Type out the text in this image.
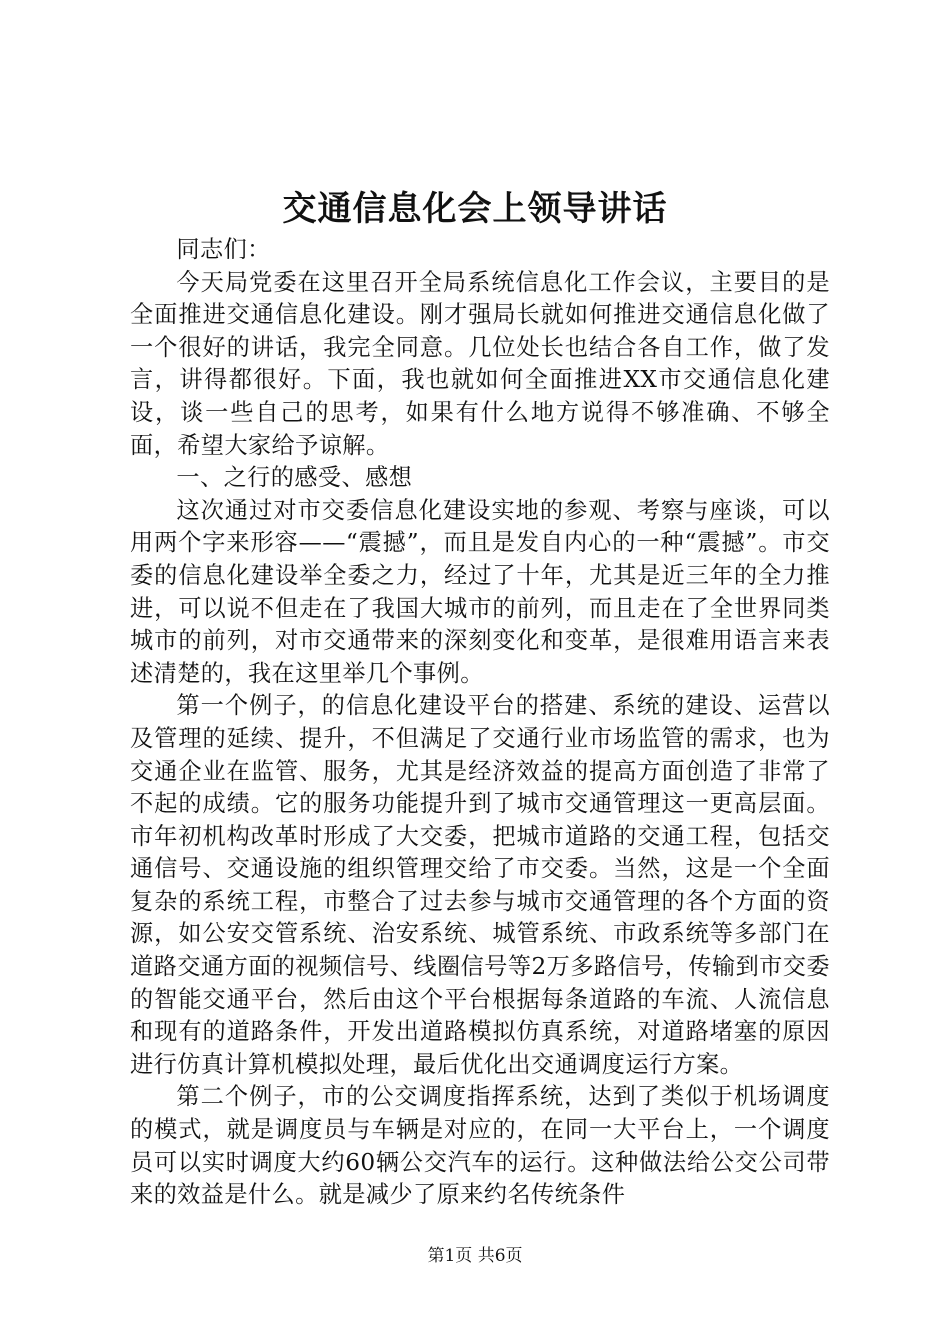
交通信息化会上领导讲话

同志们：

今天局党委在这里召开全局系统信息化工作会议，主要目的是全面推进交通信息化建设。刚才强局长就如何推进交通信息化做了一个很好的讲话，我完全同意。几位处长也结合各自工作，做了发言，讲得都很好。下面，我也就如何全面推进XX市交通信息化建设，谈一些自己的思考，如果有什么地方说得不够准确、不够全面，希望大家给予谅解。

一、之行的感受、感想

这次通过对市交委信息化建设实地的参观、考察与座谈，可以用两个字来形容——“震撼”，而且是发自内心的一种“震撼”。市交委的信息化建设举全委之力，经过了十年，尤其是近三年的全力推进，可以说不但走在了我国大城市的前列，而且走在了全世界同类城市的前列，对市交通带来的深刻变化和变革，是很难用语言来表述清楚的，我在这里举几个事例。

第一个例子，的信息化建设平台的搭建、系统的建设、运营以及管理的延续、提升，不但满足了交通行业市场监管的需求，也为交通企业在监管、服务，尤其是经济效益的提高方面创造了非常了不起的成绩。它的服务功能提升到了城市交通管理这一更高层面。市年初机构改革时形成了大交委，把城市道路的交通工程，包括交通信号、交通设施的组织管理交给了市交委。当然，这是一个全面复杂的系统工程，市整合了过去参与城市交通管理的各个方面的资源，如公安交管系统、治安系统、城管系统、市政系统等多部门在道路交通方面的视频信号、线圈信号等2万多路信号，传输到市交委的智能交通平台，然后由这个平台根据每条道路的车流、人流信息和现有的道路条件，开发出道路模拟仿真系统，对道路堵塞的原因进行仿真计算机模拟处理，最后优化出交通调度运行方案。

第二个例子，市的公交调度指挥系统，达到了类似于机场调度的模式，就是调度员与车辆是对应的，在同一大平台上，一个调度员可以实时调度大约60辆公交汽车的运行。这种做法给公交公司带来的效益是什么。就是减少了原来约名传统条件

第1页 共6页
